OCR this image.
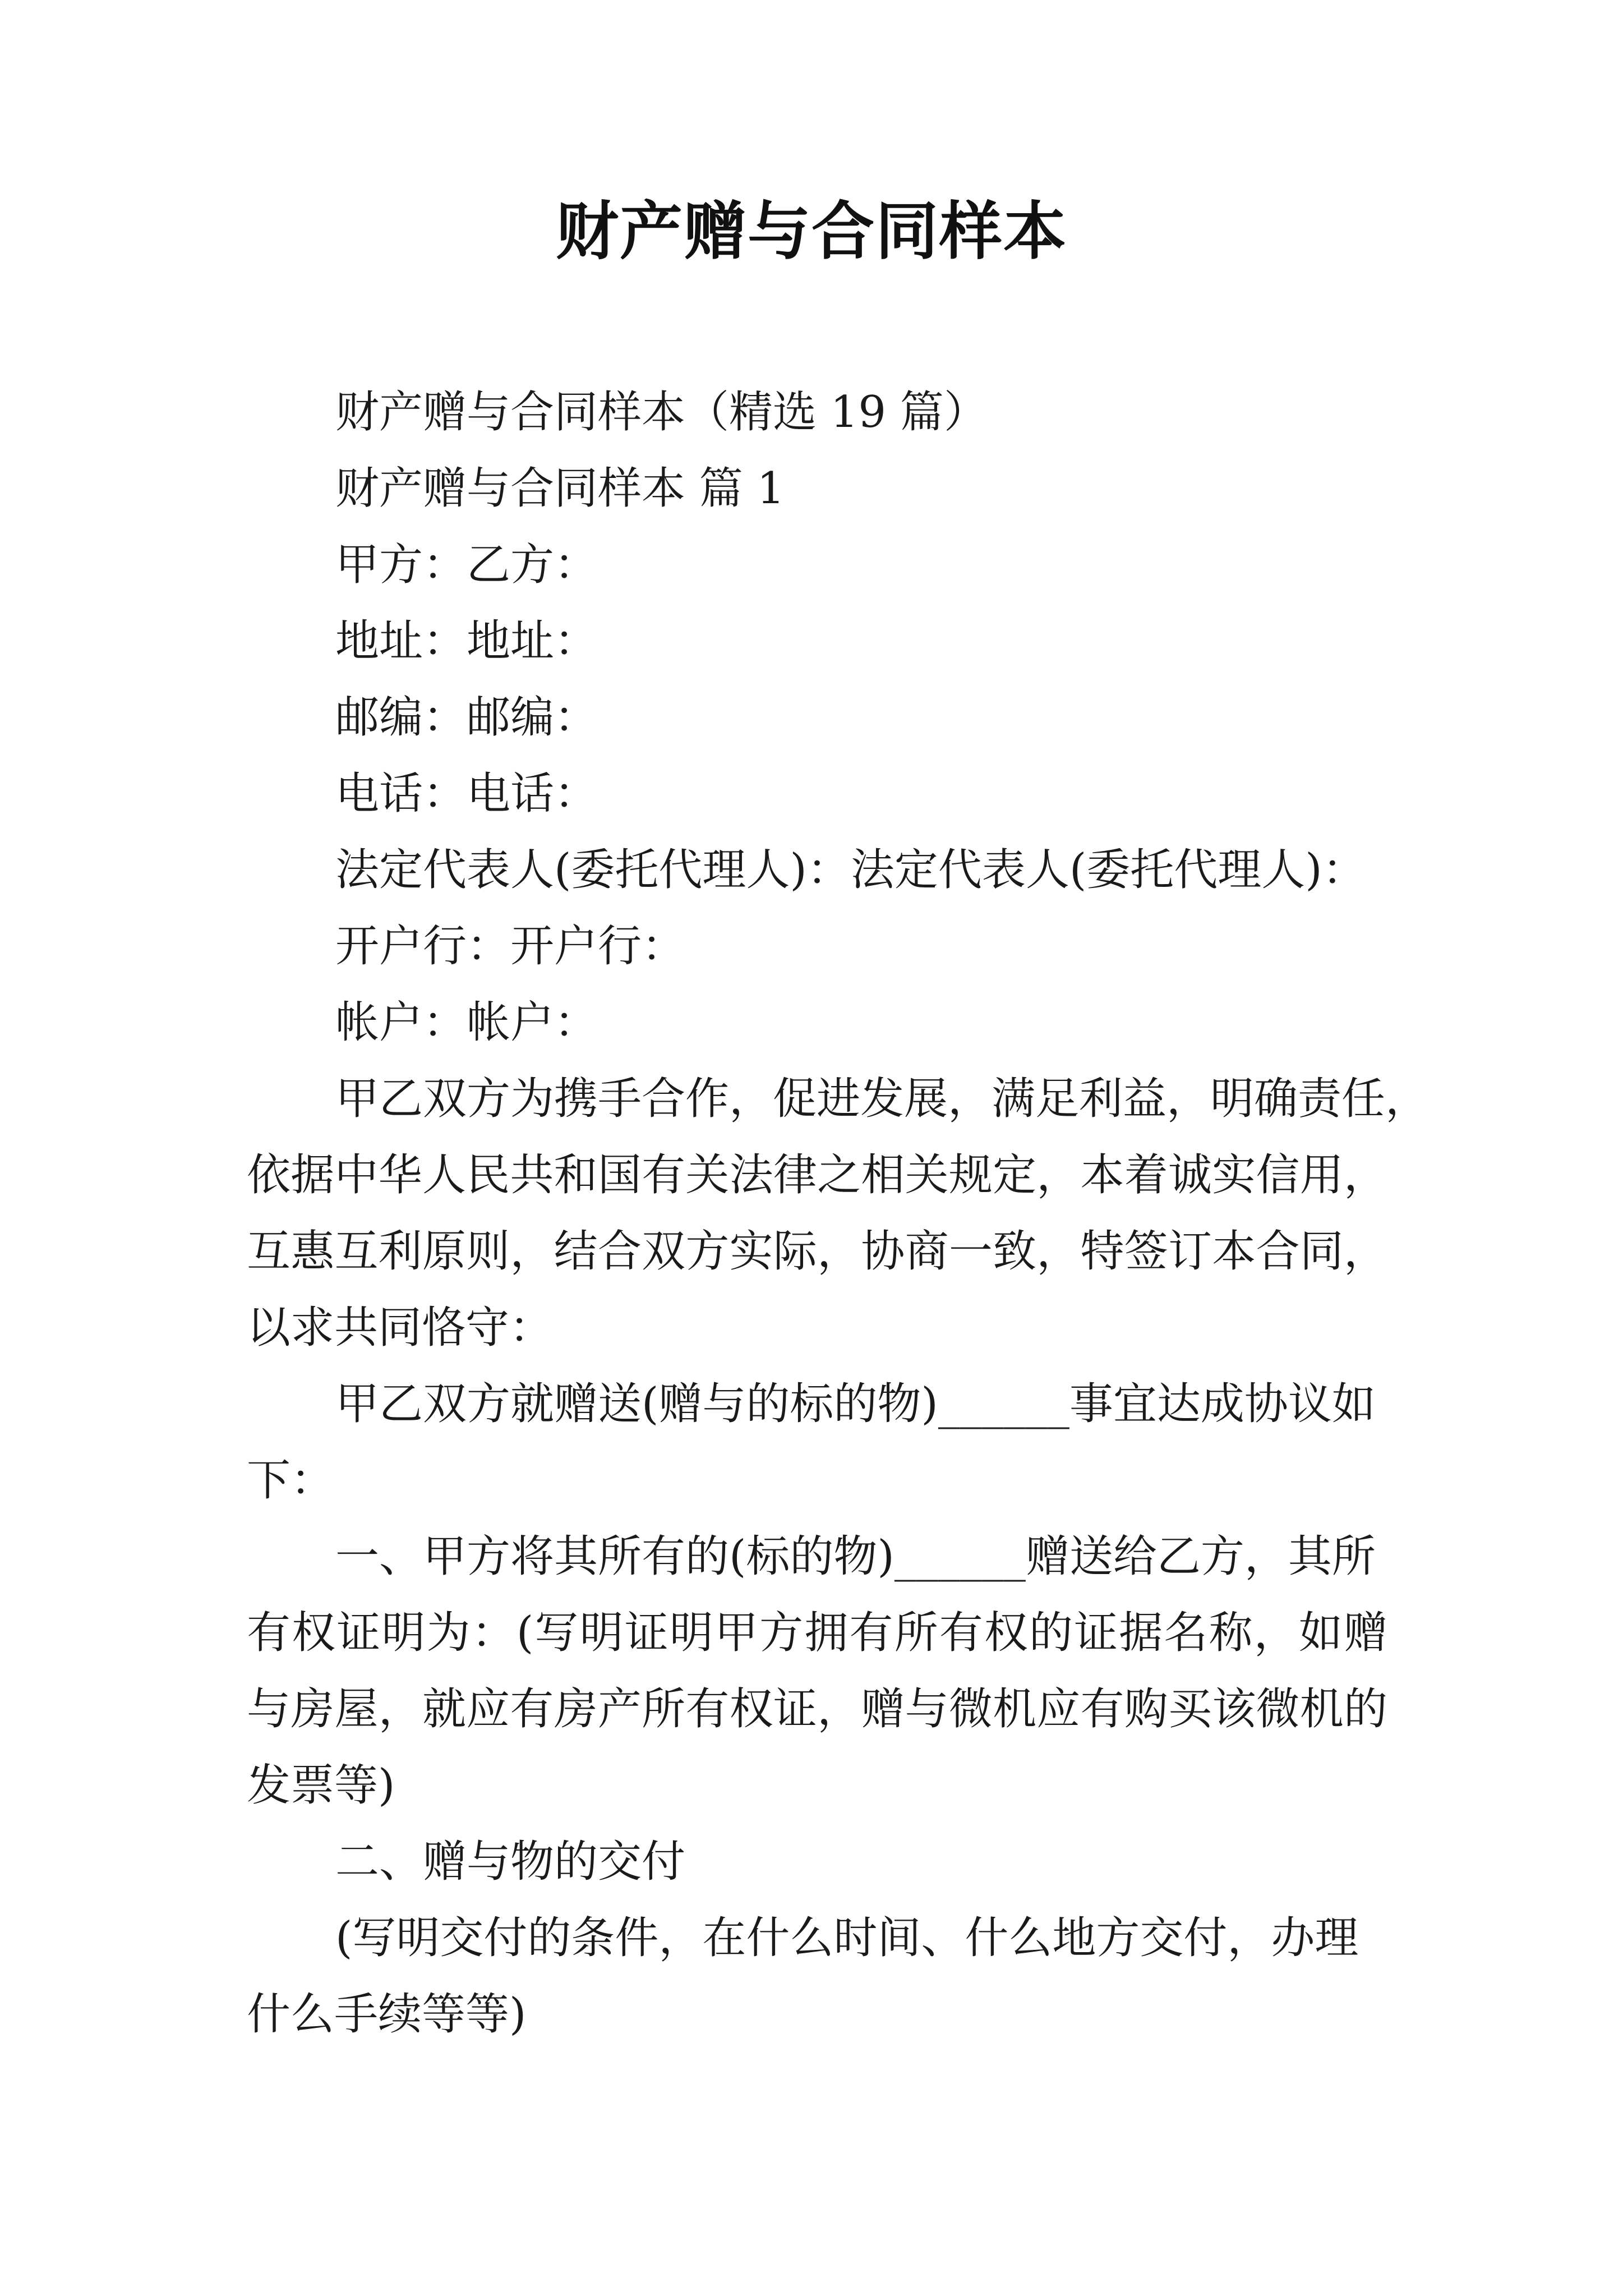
财产赠与合同样本

财产赠与合同样本（精选 19 篇）

财产赠与合同样本 篇 1

甲方：乙方：

地址：地址：

邮编：邮编：

电话：电话：

法定代表人(委托代理人)：法定代表人(委托代理人)：

开户行：开户行：

帐户：帐户：

甲乙双方为携手合作，促进发展，满足利益，明确责任，

依据中华人民共和国有关法律之相关规定，本着诚实信用，

互惠互利原则，结合双方实际，协商一致，特签订本合同，

以求共同恪守：

甲乙双方就赠送(赠与的标的物)______事宜达成协议如

下：

一、甲方将其所有的(标的物)______赠送给乙方，其所

有权证明为：(写明证明甲方拥有所有权的证据名称，如赠

与房屋，就应有房产所有权证，赠与微机应有购买该微机的

发票等)

二、赠与物的交付

(写明交付的条件，在什么时间、什么地方交付，办理

什么手续等等)
